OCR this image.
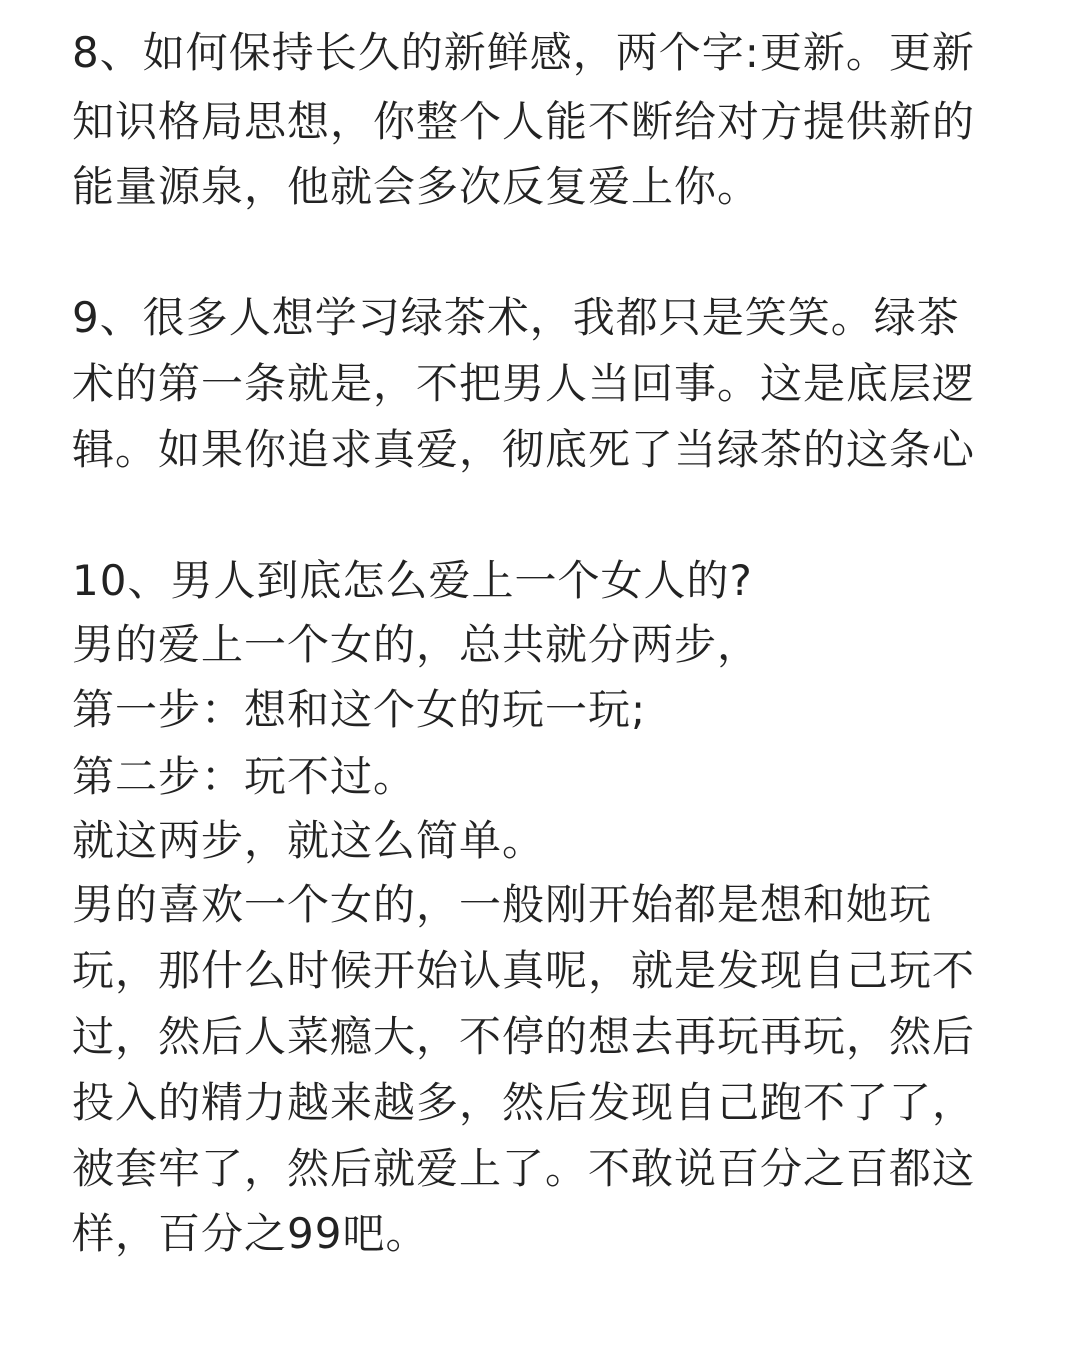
8、如何保持长久的新鲜感，两个字:更新。更新
知识格局思想，你整个人能不断给对方提供新的
能量源泉，他就会多次反复爱上你。
9、很多人想学习绿茶术，我都只是笑笑。绿茶
术的第一条就是，不把男人当回事。这是底层逻
辑。如果你追求真爱，彻底死了当绿茶的这条心
10、男人到底怎么爱上一个女人的?
男的爱上一个女的，总共就分两步，
第一步：想和这个女的玩一玩;
第二步：玩不过。
就这两步，就这么简单。
男的喜欢一个女的，一般刚开始都是想和她玩
玩，那什么时候开始认真呢，就是发现自己玩不
过，然后人菜瘾大，不停的想去再玩再玩，然后
投入的精力越来越多，然后发现自己跑不了了，
被套牢了，然后就爱上了。不敢说百分之百都这
样，百分之99吧。
